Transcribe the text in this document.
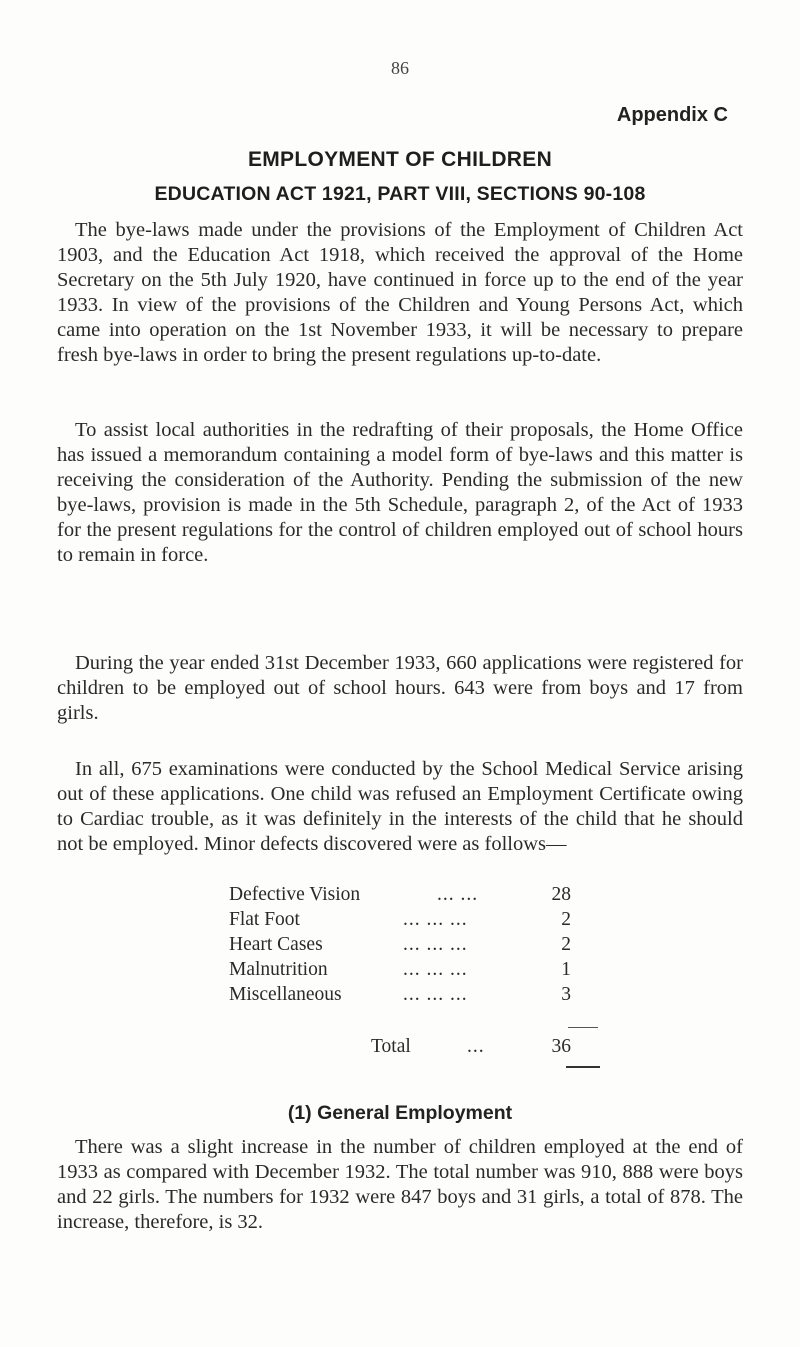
86
Appendix C
EMPLOYMENT OF CHILDREN
EDUCATION ACT 1921, PART VIII, SECTIONS 90-108

The bye-laws made under the provisions of the Employment of Children Act 1903, and the Education Act 1918, which received the approval of the Home Secretary on the 5th July 1920, have continued in force up to the end of the year 1933. In view of the provisions of the Children and Young Persons Act, which came into operation on the 1st November 1933, it will be necessary to prepare fresh bye-laws in order to bring the present regulations up-to-date.

To assist local authorities in the redrafting of their proposals, the Home Office has issued a memorandum containing a model form of bye-laws and this matter is receiving the consideration of the Authority. Pending the submission of the new bye-laws, provision is made in the 5th Schedule, paragraph 2, of the Act of 1933 for the present regulations for the control of children employed out of school hours to remain in force.

During the year ended 31st December 1933, 660 applications were registered for children to be employed out of school hours. 643 were from boys and 17 from girls.

In all, 675 examinations were conducted by the School Medical Service arising out of these applications. One child was refused an Employment Certificate owing to Cardiac trouble, as it was definitely in the interests of the child that he should not be employed. Minor defects discovered were as follows—

Defective Vision	... ...	28
Flat Foot	... ... ...	2
Heart Cases	... ... ...	2
Malnutrition	... ... ...	1
Miscellaneous	... ... ...	3
Total	...	36
(1) General Employment

There was a slight increase in the number of children employed at the end of 1933 as compared with December 1932. The total number was 910, 888 were boys and 22 girls. The numbers for 1932 were 847 boys and 31 girls, a total of 878. The increase, therefore, is 32.
